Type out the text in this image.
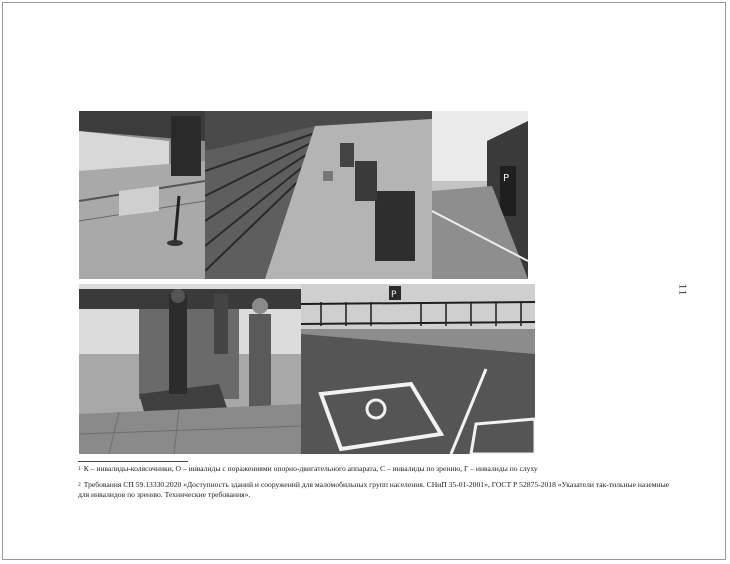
P
P	11
$^1$ К – инвалиды-колясочники, О – инвалиды с поражениями опорно-двигательного аппарата, С – инвалиды по зрению, Г – инвалиды по слуху
$^2$ Требования СП 59.13330.2020 «Доступность зданий и сооружений для маломобильных групп населения. СНиП 35-01-2001», ГОСТ Р 52875-2018 «Указатели так-тильные наземные для инвалидов по зрению. Технические требования».
